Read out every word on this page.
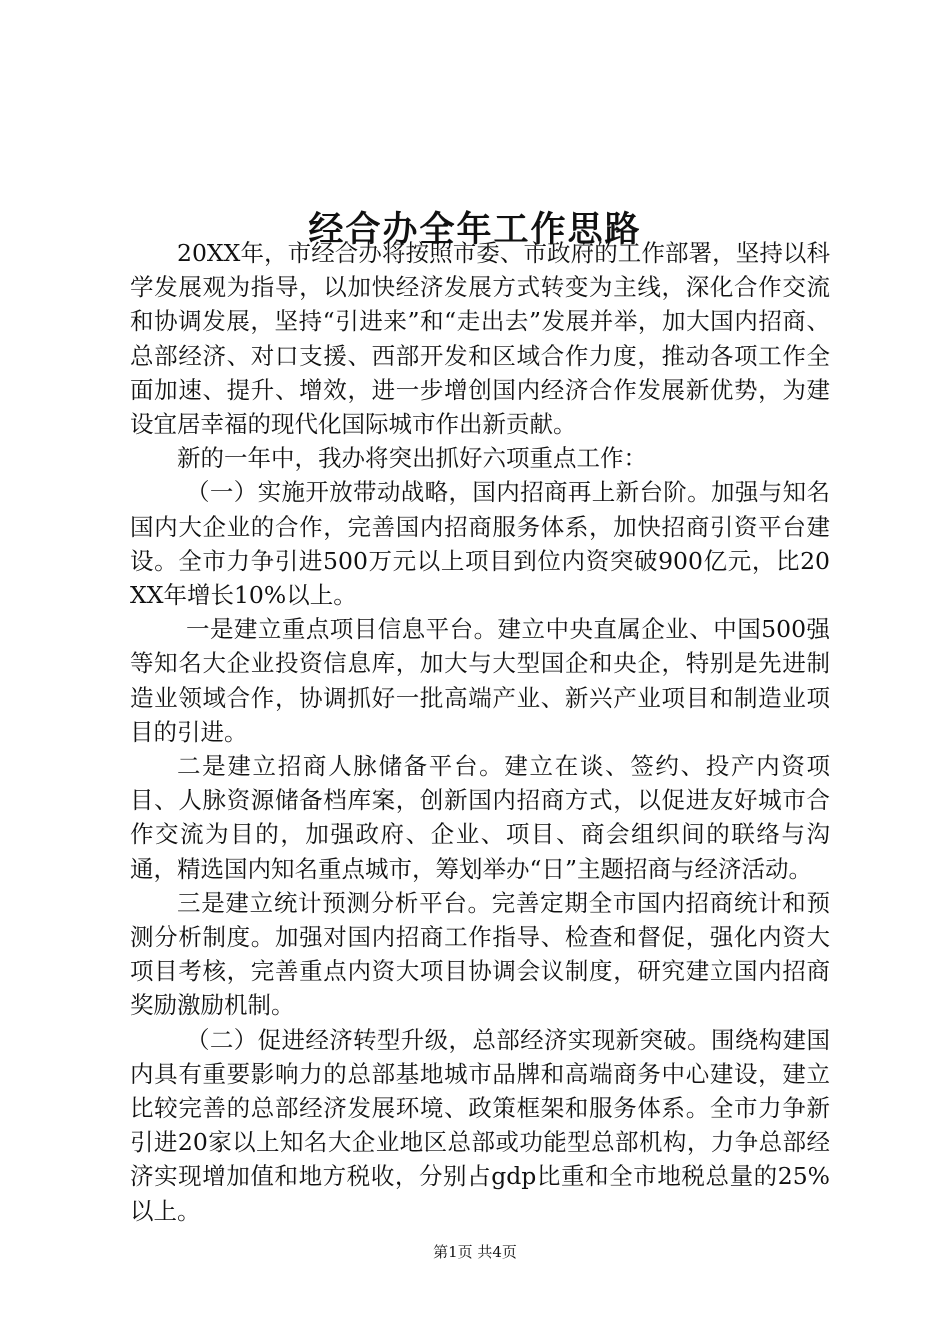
经合办全年工作思路

20XX年，市经合办将按照市委、市政府的工作部署，坚持以科学发展观为指导，以加快经济发展方式转变为主线，深化合作交流和协调发展，坚持“引进来”和“走出去”发展并举，加大国内招商、总部经济、对口支援、西部开发和区域合作力度，推动各项工作全面加速、提升、增效，进一步增创国内经济合作发展新优势，为建设宜居幸福的现代化国际城市作出新贡献。

新的一年中，我办将突出抓好六项重点工作：

（一）实施开放带动战略，国内招商再上新台阶。加强与知名国内大企业的合作，完善国内招商服务体系，加快招商引资平台建设。全市力争引进500万元以上项目到位内资突破900亿元，比20XX年增长10%以上。

一是建立重点项目信息平台。建立中央直属企业、中国500强等知名大企业投资信息库，加大与大型国企和央企，特别是先进制造业领域合作，协调抓好一批高端产业、新兴产业项目和制造业项目的引进。

二是建立招商人脉储备平台。建立在谈、签约、投产内资项目、人脉资源储备档库案，创新国内招商方式，以促进友好城市合作交流为目的，加强政府、企业、项目、商会组织间的联络与沟通，精选国内知名重点城市，筹划举办“日”主题招商与经济活动。

三是建立统计预测分析平台。完善定期全市国内招商统计和预测分析制度。加强对国内招商工作指导、检查和督促，强化内资大项目考核，完善重点内资大项目协调会议制度，研究建立国内招商奖励激励机制。

（二）促进经济转型升级，总部经济实现新突破。围绕构建国内具有重要影响力的总部基地城市品牌和高端商务中心建设，建立比较完善的总部经济发展环境、政策框架和服务体系。全市力争新引进20家以上知名大企业地区总部或功能型总部机构，力争总部经济实现增加值和地方税收，分别占gdp比重和全市地税总量的25%以上。

第1页 共4页
